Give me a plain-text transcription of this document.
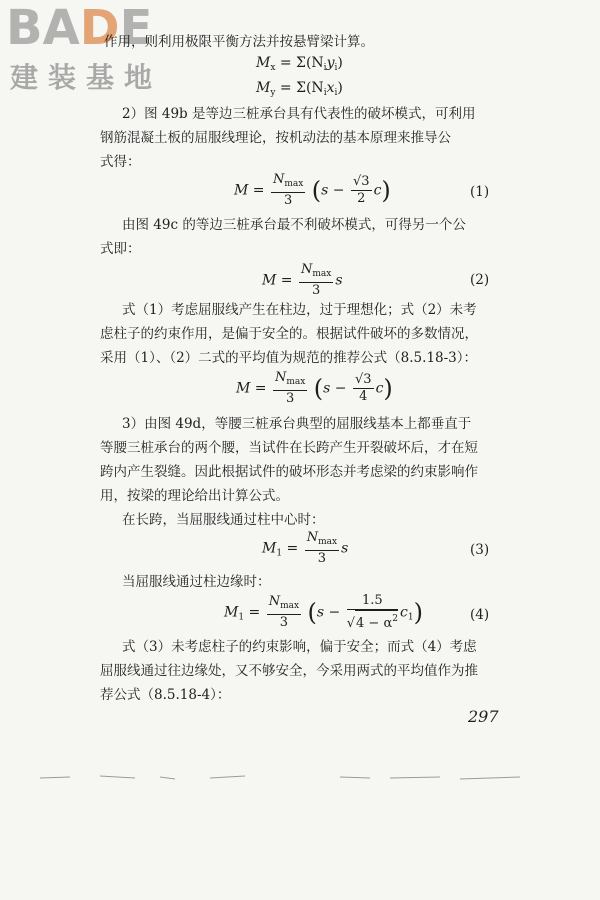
BADE
建装基地
作用，则利用极限平衡方法并按悬臂梁计算。
$M_x = \Sigma(N_iy_i)$
$M_y = \Sigma(N_ix_i)$
2）图 49b 是等边三桩承台具有代表性的破坏模式，可利用
钢筋混凝土板的屈服线理论，按机动法的基本原理来推导公
式得：
$M = \frac{N_{max}}{3} (s - \frac{√3}{2} c)$	(1)
由图 49c 的等边三桩承台最不利破坏模式，可得另一个公
式即：
$M = \frac{N_{max}}{3}$ s	(2)
式（1）考虑屈服线产生在柱边，过于理想化；式（2）未考
虑柱子的约束作用，是偏于安全的。根据试件破坏的多数情况，
采用（1）、（2）二式的平均值为规范的推荐公式（8.5.18-3）：
$M = \frac{N_{max}}{3} (s - \frac{√3}{4} c)$
3）由图 49d，等腰三桩承台典型的屈服线基本上都垂直于
等腰三桩承台的两个腰，当试件在长跨产生开裂破坏后，才在短
跨内产生裂缝。因此根据试件的破坏形态并考虑梁的约束影响作
用，按梁的理论给出计算公式。
在长跨，当屈服线通过柱中心时：
$M_1 = \frac{N_{max}}{3}$ s	(3)
当屈服线通过柱边缘时：
$M_1 = \frac{N_{max}}{3} (s - \frac{1.5}{√4 - \alpha^2} c_1)$	(4)
式（3）未考虑柱子的约束影响，偏于安全；而式（4）考虑
屈服线通过往边缘处，又不够安全，今采用两式的平均值作为推
荐公式（8.5.18-4）：
297
